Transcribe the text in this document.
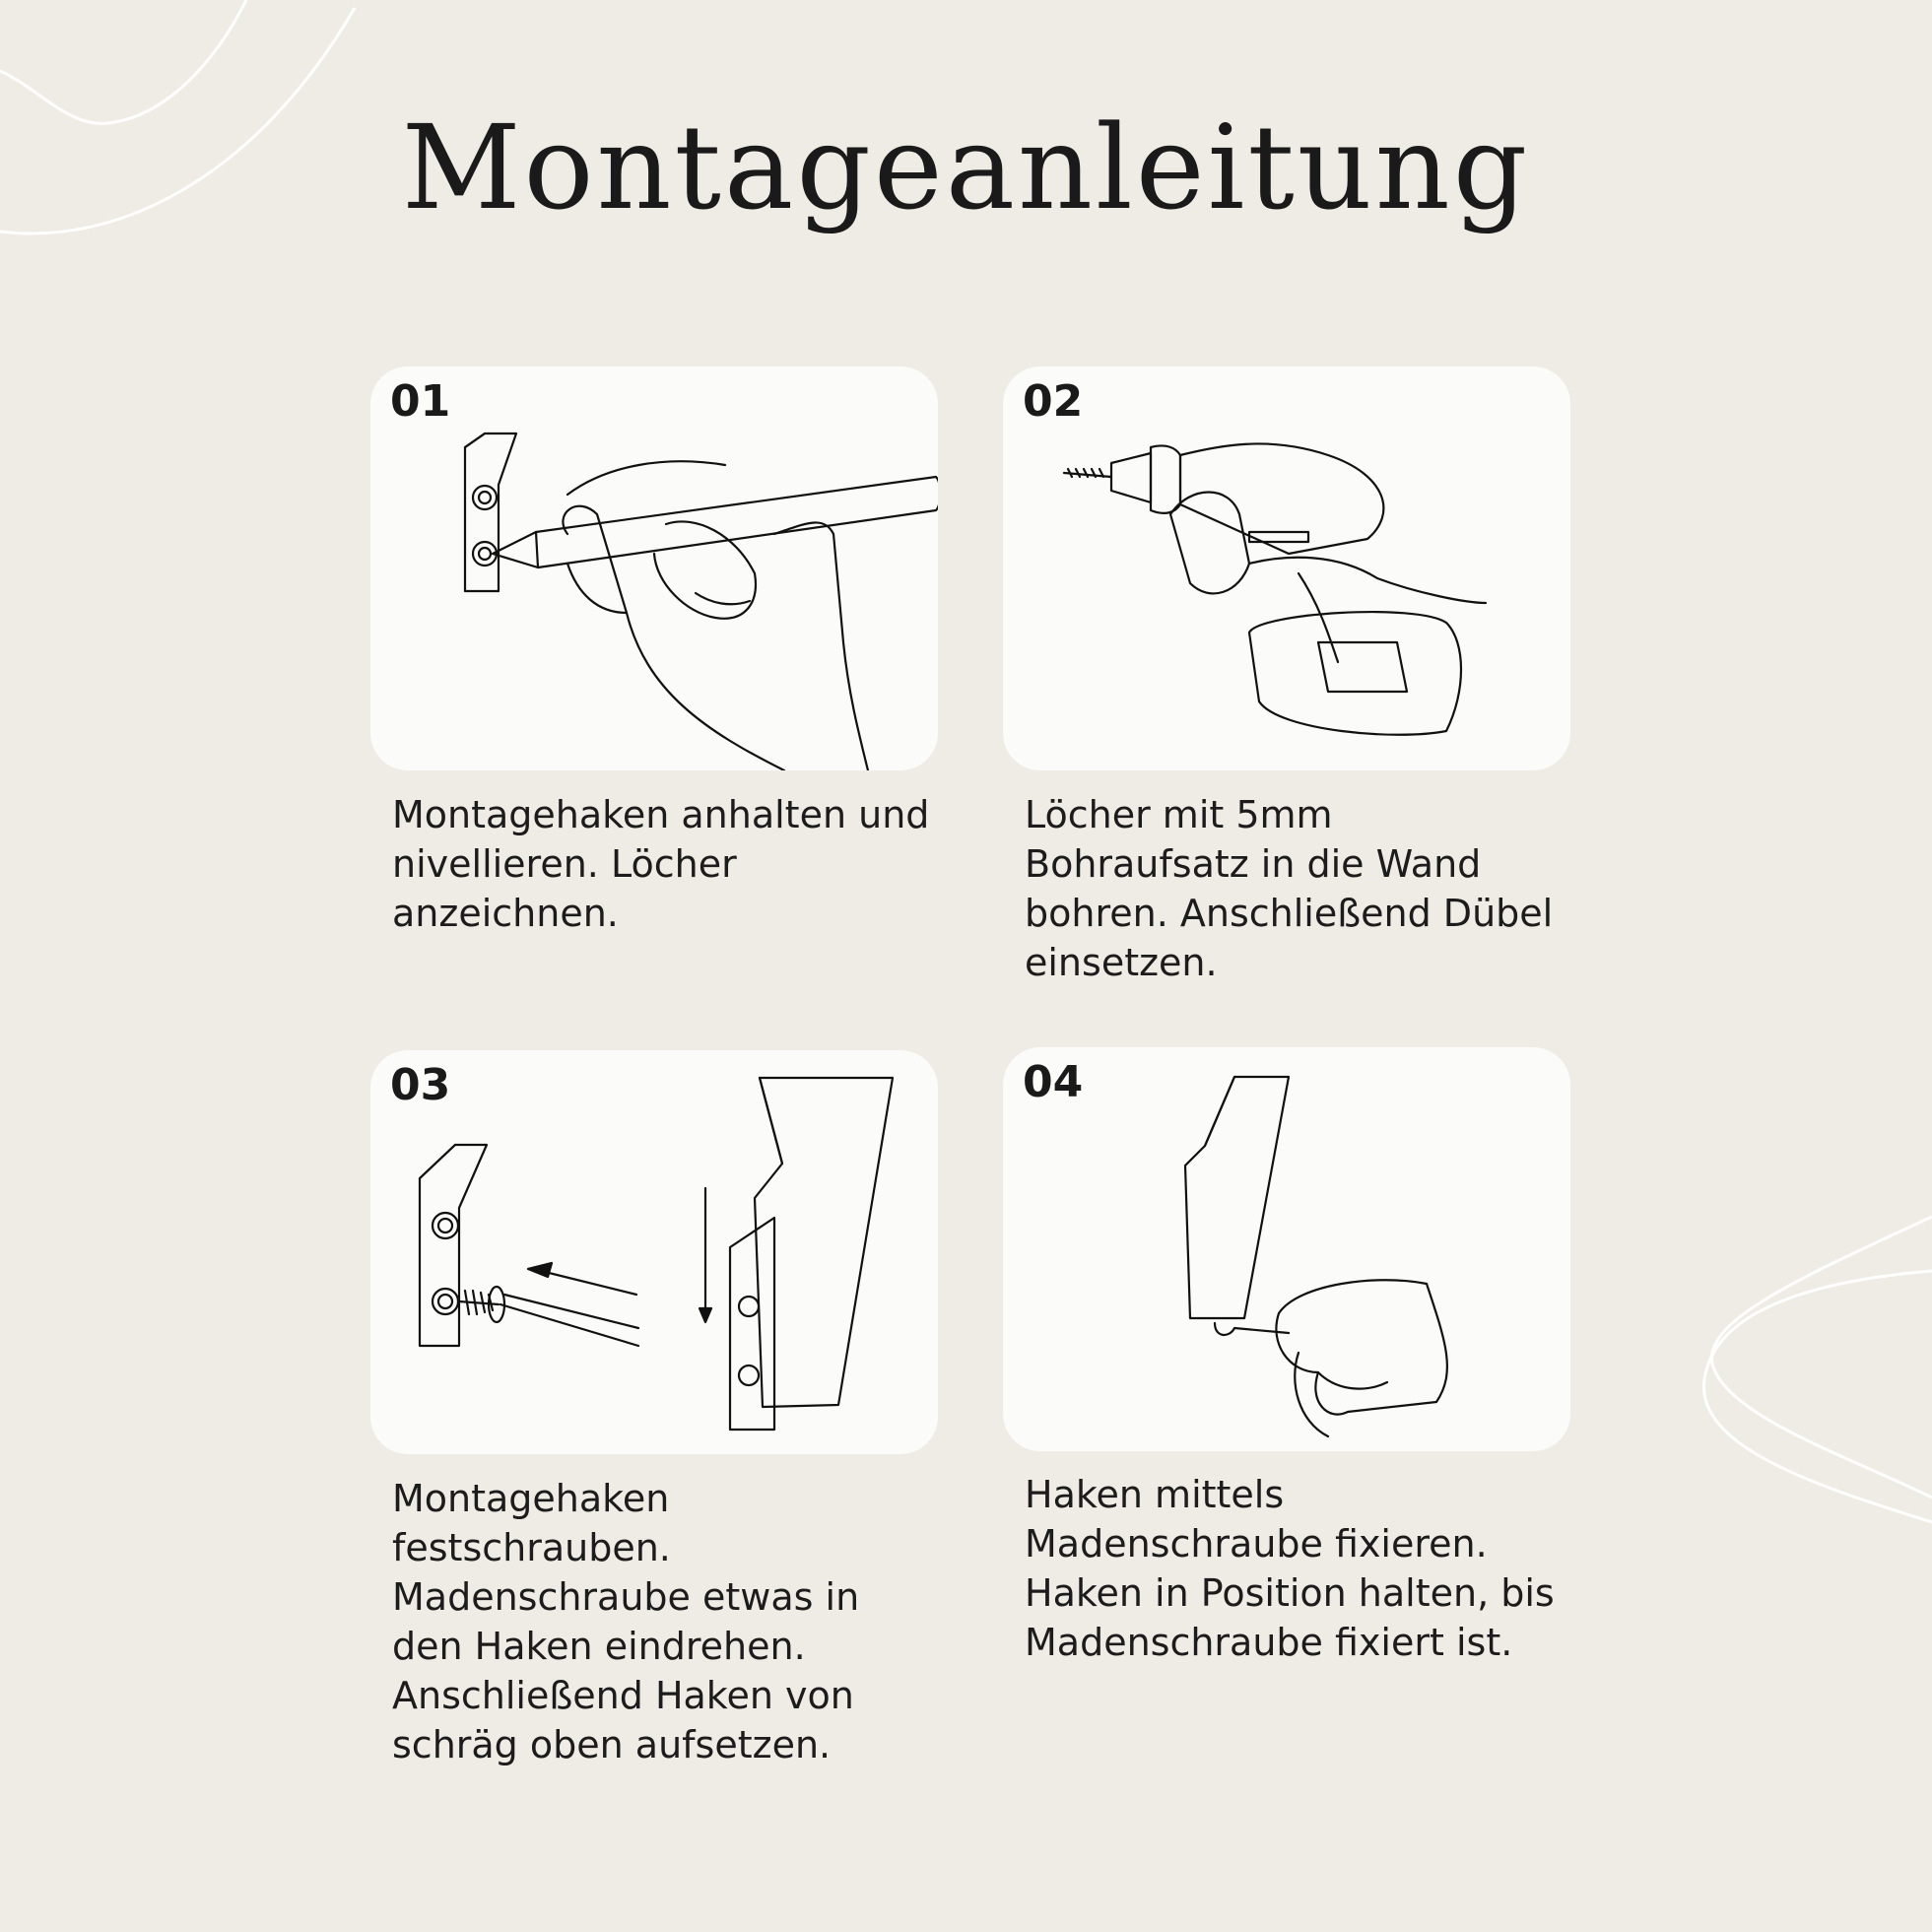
Montageanleitung
01

Montagehaken anhalten und
nivellieren. Löcher
anzeichnen.

02

Löcher mit 5mm
Bohraufsatz in die Wand
bohren. Anschließend Dübel
einsetzen.

03

Montagehaken
festschrauben.
Madenschraube etwas in
den Haken eindrehen.
Anschließend Haken von
schräg oben aufsetzen.

04

Haken mittels
Madenschraube fixieren.
Haken in Position halten, bis
Madenschraube fixiert ist.
